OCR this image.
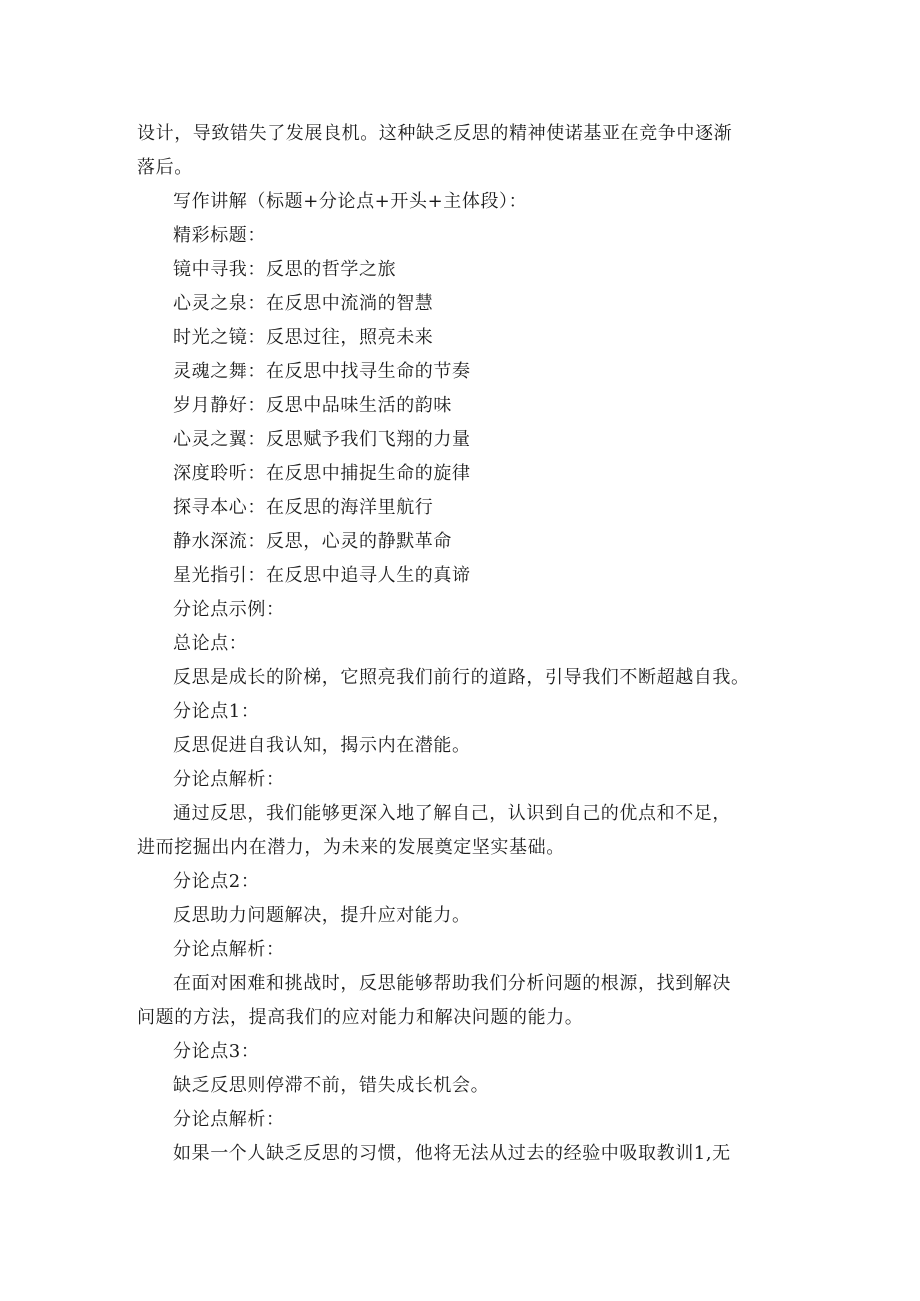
设计，导致错失了发展良机。这种缺乏反思的精神使诺基亚在竞争中逐渐
落后。
写作讲解（标题+分论点+开头+主体段）：
精彩标题：
镜中寻我：反思的哲学之旅
心灵之泉：在反思中流淌的智慧
时光之镜：反思过往，照亮未来
灵魂之舞：在反思中找寻生命的节奏
岁月静好：反思中品味生活的韵味
心灵之翼：反思赋予我们飞翔的力量
深度聆听：在反思中捕捉生命的旋律
探寻本心：在反思的海洋里航行
静水深流：反思，心灵的静默革命
星光指引：在反思中追寻人生的真谛
分论点示例：
总论点：
反思是成长的阶梯，它照亮我们前行的道路，引导我们不断超越自我。
分论点1：
反思促进自我认知，揭示内在潜能。
分论点解析：
通过反思，我们能够更深入地了解自己，认识到自己的优点和不足，
进而挖掘出内在潜力，为未来的发展奠定坚实基础。
分论点2：
反思助力问题解决，提升应对能力。
分论点解析：
在面对困难和挑战时，反思能够帮助我们分析问题的根源，找到解决
问题的方法，提高我们的应对能力和解决问题的能力。
分论点3：
缺乏反思则停滞不前，错失成长机会。
分论点解析：
如果一个人缺乏反思的习惯，他将无法从过去的经验中吸取教训1,无
